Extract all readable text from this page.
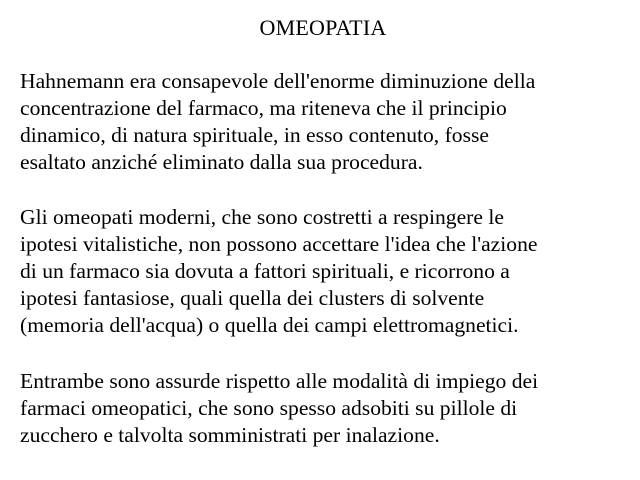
OMEOPATIA

Hahnemann era consapevole dell'enorme diminuzione della
concentrazione del farmaco, ma riteneva che il principio
dinamico, di natura spirituale, in esso contenuto, fosse
esaltato anziché eliminato dalla sua procedura.

Gli omeopati moderni, che sono costretti a respingere le
ipotesi vitalistiche, non possono accettare l'idea che l'azione
di un farmaco sia dovuta a fattori spirituali, e ricorrono a
ipotesi fantasiose, quali quella dei clusters di solvente
(memoria dell'acqua) o quella dei campi elettromagnetici.

Entrambe sono assurde rispetto alle modalità di impiego dei
farmaci omeopatici, che sono spesso adsobiti su pillole di
zucchero e talvolta somministrati per inalazione.
